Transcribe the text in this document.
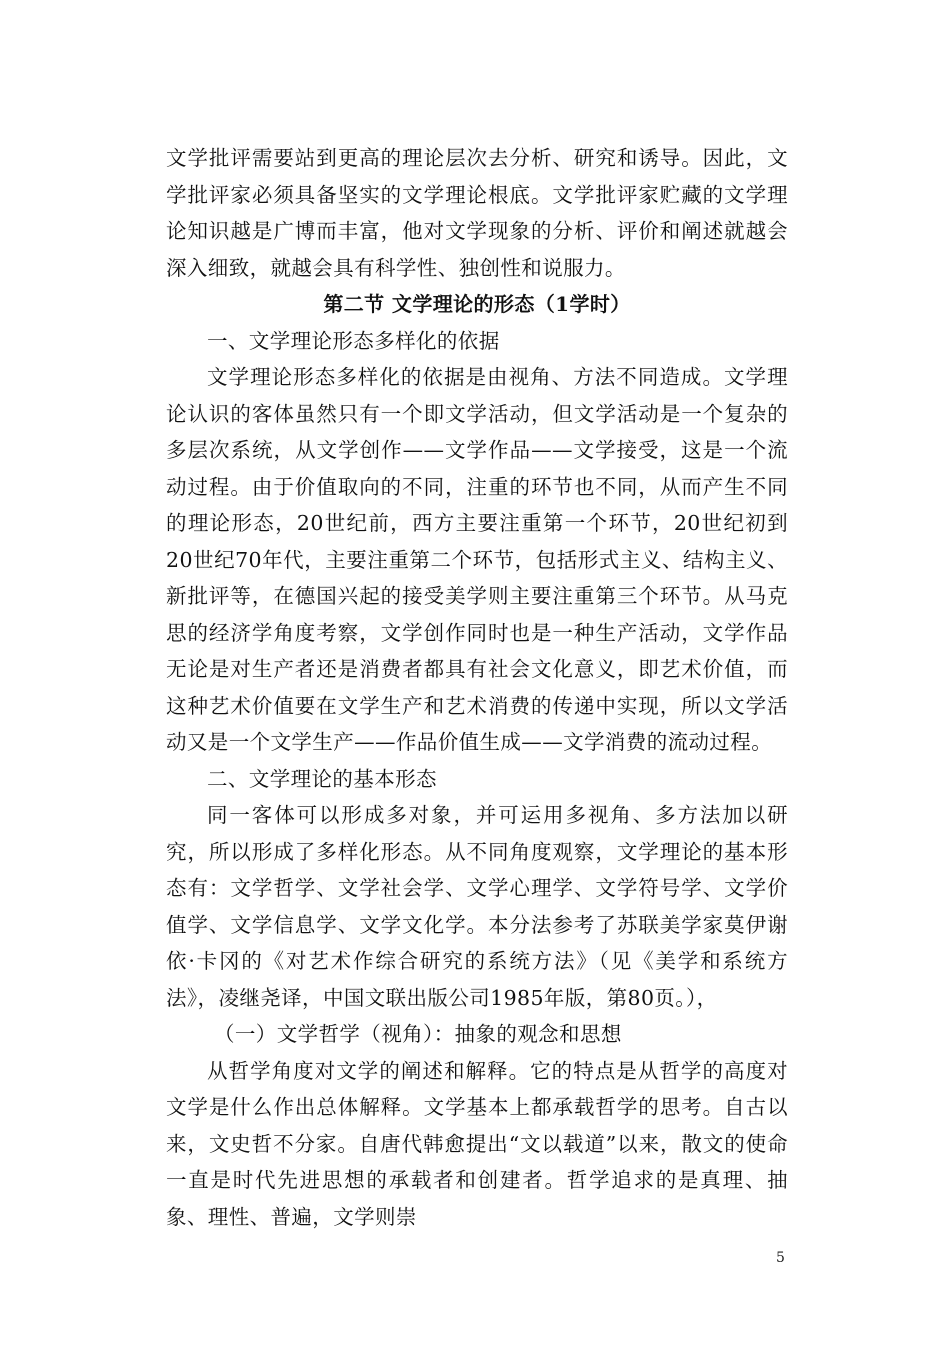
文学批评需要站到更高的理论层次去分析、研究和诱导。因此，文学批评家必须具备坚实的文学理论根底。文学批评家贮藏的文学理论知识越是广博而丰富，他对文学现象的分析、评价和阐述就越会深入细致，就越会具有科学性、独创性和说服力。

第二节 文学理论的形态（1学时）

一、文学理论形态多样化的依据

文学理论形态多样化的依据是由视角、方法不同造成。文学理论认识的客体虽然只有一个即文学活动，但文学活动是一个复杂的多层次系统，从文学创作——文学作品——文学接受，这是一个流动过程。由于价值取向的不同，注重的环节也不同，从而产生不同的理论形态，20世纪前，西方主要注重第一个环节，20世纪初到20世纪70年代，主要注重第二个环节，包括形式主义、结构主义、新批评等，在德国兴起的接受美学则主要注重第三个环节。从马克思的经济学角度考察，文学创作同时也是一种生产活动，文学作品无论是对生产者还是消费者都具有社会文化意义，即艺术价值，而这种艺术价值要在文学生产和艺术消费的传递中实现，所以文学活动又是一个文学生产——作品价值生成——文学消费的流动过程。

二、文学理论的基本形态

同一客体可以形成多对象，并可运用多视角、多方法加以研究，所以形成了多样化形态。从不同角度观察，文学理论的基本形态有：文学哲学、文学社会学、文学心理学、文学符号学、文学价值学、文学信息学、文学文化学。本分法参考了苏联美学家莫伊谢依·卡冈的《对艺术作综合研究的系统方法》（见《美学和系统方法》，凌继尧译，中国文联出版公司1985年版，第80页。），

（一）文学哲学（视角）：抽象的观念和思想

从哲学角度对文学的阐述和解释。它的特点是从哲学的高度对文学是什么作出总体解释。文学基本上都承载哲学的思考。自古以来，文史哲不分家。自唐代韩愈提出“文以载道”以来，散文的使命一直是时代先进思想的承载者和创建者。哲学追求的是真理、抽象、理性、普遍，文学则崇

5
